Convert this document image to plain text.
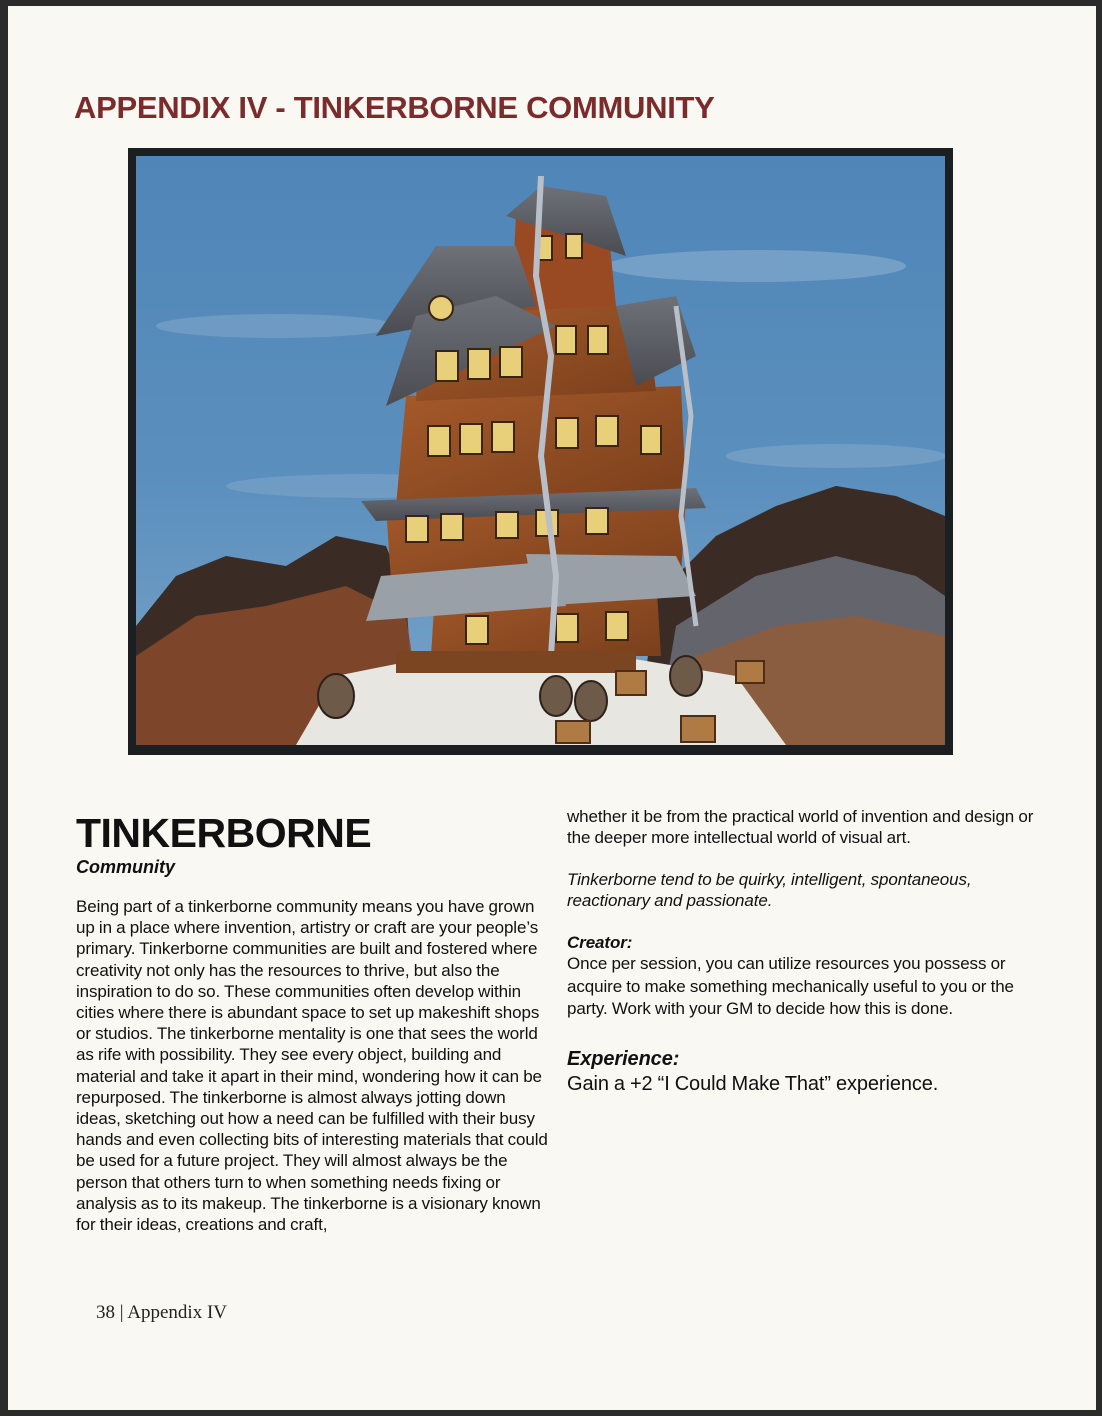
APPENDIX IV - TINKERBORNE COMMUNITY
TINKERBORNE

Community

Being part of a tinkerborne community means you have grown up in a place where invention, artistry or craft are your people’s primary. Tinkerborne communities are built and fostered where creativity not only has the resources to thrive, but also the inspiration to do so. These communities often develop within cities where there is abundant space to set up makeshift shops or studios. The tinkerborne mentality is one that sees the world as rife with possibility. They see every object, building and material and take it apart in their mind, wondering how it can be repurposed. The tinkerborne is almost always jotting down ideas, sketching out how a need can be fulfilled with their busy hands and even collecting bits of interesting materials that could be used for a future project. They will almost always be the person that others turn to when something needs fixing or analysis as to its makeup. The tinkerborne is a visionary known for their ideas, creations and craft,

whether it be from the practical world of invention and design or the deeper more intellectual world of visual art.

Tinkerborne tend to be quirky, intelligent, spontaneous, reactionary and passionate.

Creator:

Once per session, you can utilize resources you possess or acquire to make something mechanically useful to you or the party. Work with your GM to decide how this is done.

Experience:

Gain a +2 “I Could Make That” experience.

38 | Appendix IV
